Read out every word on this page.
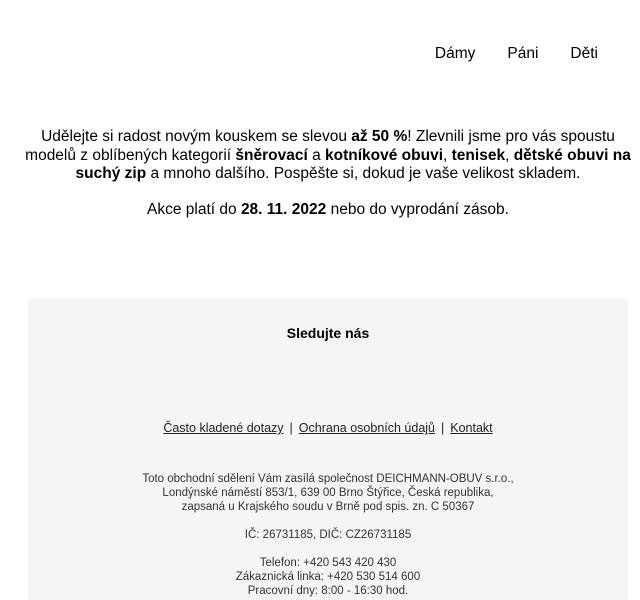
Dámy Páni Děti

Udělejte si radost novým kouskem se slevou až 50 %! Zlevnili jsme pro vás spoustu modelů z oblíbených kategorií šněrovací a kotníkové obuvi, tenisek, dětské obuvi na suchý zip a mnoho dalšího. Pospěšte si, dokud je vaše velikost skladem.

Akce platí do 28. 11. 2022 nebo do vyprodání zásob.

Sledujte nás
Často kladené dotazy | Ochrana osobních údajů | Kontakt
Toto obchodní sdělení Vám zasílá společnost DEICHMANN-OBUV s.r.o.,
Londýnské náměstí 853/1, 639 00 Brno Štýřice, Česká republika,
zapsaná u Krajského soudu v Brně pod spis. zn. C 50367
IČ: 26731185, DIČ: CZ26731185
Telefon: +420 543 420 430
Zákaznická linka: +420 530 514 600
Pracovní dny: 8:00 - 16:30 hod.
